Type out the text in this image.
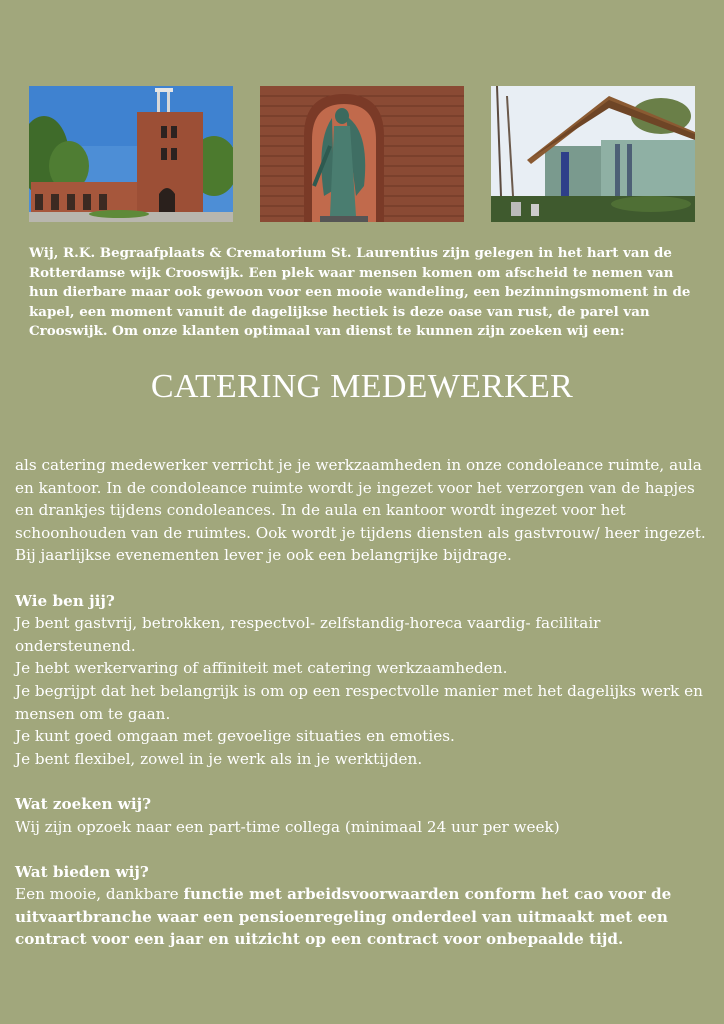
Wij, R.K. Begraafplaats & Crematorium St. Laurentius zijn gelegen in het hart van de Rotterdamse wijk Crooswijk. Een plek waar mensen komen om afscheid te nemen van hun dierbare maar ook gewoon voor een mooie wandeling, een bezinningsmoment in de kapel, een moment vanuit de dagelijkse hectiek is deze oase van rust, de parel van Crooswijk. Om onze klanten optimaal van dienst te kunnen zijn zoeken wij een:

CATERING MEDEWERKER

als catering medewerker verricht je je werkzaamheden in onze condoleance ruimte, aula en kantoor. In de condoleance ruimte wordt je ingezet voor het verzorgen van de hapjes en drankjes tijdens condoleances. In de aula en kantoor wordt ingezet voor het schoonhouden van de ruimtes. Ook wordt je tijdens diensten als gastvrouw/ heer ingezet. Bij jaarlijkse evenementen lever je ook een belangrijke bijdrage.

Wie ben jij?

Je bent gastvrij, betrokken, respectvol- zelfstandig-horeca vaardig- facilitair ondersteunend.

Je hebt werkervaring of affiniteit met catering werkzaamheden.

Je begrijpt dat het belangrijk is om op een respectvolle manier met het dagelijks werk en mensen om te gaan.

Je kunt goed omgaan met gevoelige situaties en emoties.

Je bent flexibel, zowel in je werk als in je werktijden.

Wat zoeken wij?

Wij zijn opzoek naar een part-time collega (minimaal 24 uur per week)

Wat bieden wij?

Een mooie, dankbare functie met arbeidsvoorwaarden conform het cao voor de uitvaartbranche waar een pensioenregeling onderdeel van uitmaakt met een contract voor een jaar en uitzicht op een contract voor onbepaalde tijd.
